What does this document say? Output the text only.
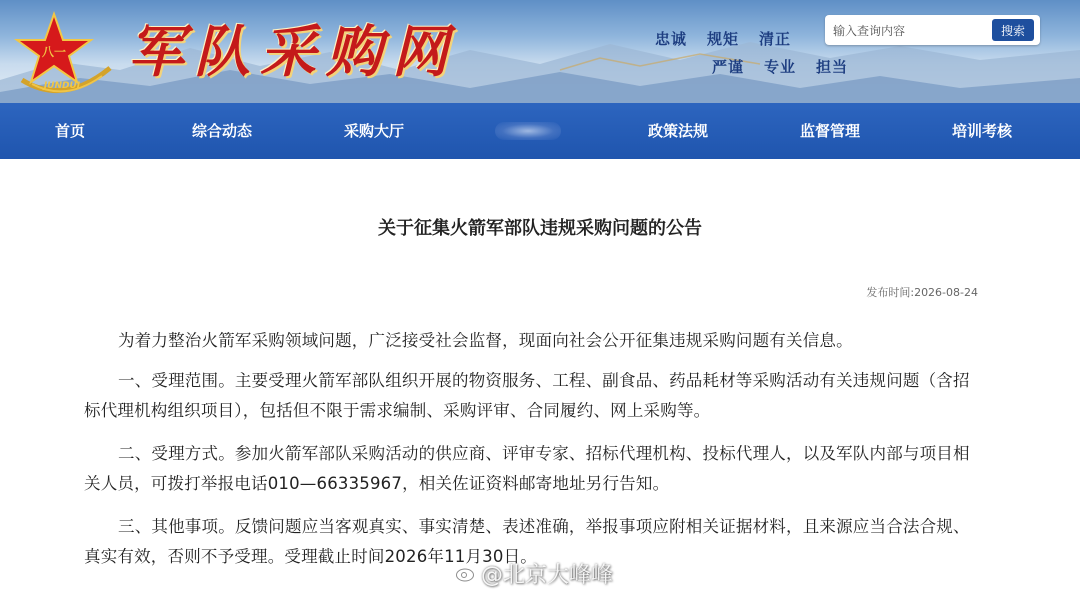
八一
JUNDUI
军队采购网	忠诚 规矩 清正
严谨 专业 担当
输入查询内容
搜索
首页	综合动态	采购大厅	政策法规	监督管理	培训考核
关于征集火箭军部队违规采购问题的公告
发布时间:2026-08-24
为着力整治火箭军采购领域问题，广泛接受社会监督，现面向社会公开征集违规采购问题有关信息。
一、受理范围。主要受理火箭军部队组织开展的物资服务、工程、副食品、药品耗材等采购活动有关违规问题（含招标代理机构组织项目），包括但不限于需求编制、采购评审、合同履约、网上采购等。
二、受理方式。参加火箭军部队采购活动的供应商、评审专家、招标代理机构、投标代理人，以及军队内部与项目相关人员，可拨打举报电话010—66335967，相关佐证资料邮寄地址另行告知。
三、其他事项。反馈问题应当客观真实、事实清楚、表述准确，举报事项应附相关证据材料，且来源应当合法合规、真实有效，否则不予受理。受理截止时间2026年11月30日。
@北京大峰峰
